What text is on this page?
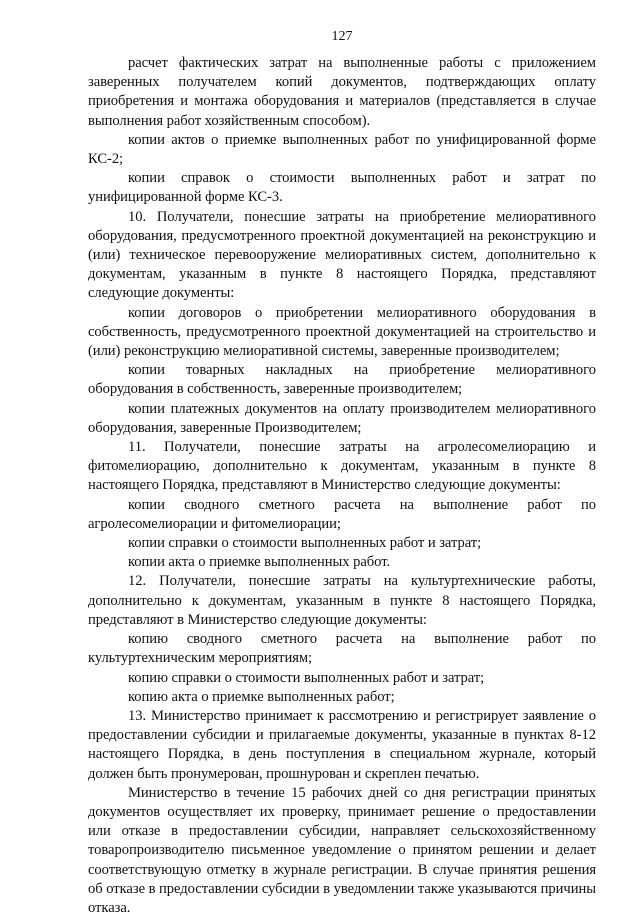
127

расчет фактических затрат на выполненные работы с приложением заверенных получателем копий документов, подтверждающих оплату приобретения и монтажа оборудования и материалов (представляется в случае выполнения работ хозяйственным способом).

копии актов о приемке выполненных работ по унифицированной форме КС-2;

копии справок о стоимости выполненных работ и затрат по унифицированной форме КС-3.

10. Получатели, понесшие затраты на приобретение мелиоративного оборудования, предусмотренного проектной документацией на реконструкцию и (или) техническое перевооружение мелиоративных систем, дополнительно к документам, указанным в пункте 8 настоящего Порядка, представляют следующие документы:

копии договоров о приобретении мелиоративного оборудования в собственность, предусмотренного проектной документацией на строительство и (или) реконструкцию мелиоративной системы, заверенные производителем;

копии товарных накладных на приобретение мелиоративного оборудования в собственность, заверенные производителем;

копии платежных документов на оплату производителем мелиоративного оборудования, заверенные Производителем;

11. Получатели, понесшие затраты на агролесомелиорацию и фитомелиорацию, дополнительно к документам, указанным в пункте 8 настоящего Порядка, представляют в Министерство следующие документы:

копии сводного сметного расчета на выполнение работ по агролесомелиорации и фитомелиорации;

копии справки о стоимости выполненных работ и затрат;

копии акта о приемке выполненных работ.

12. Получатели, понесшие затраты на культуртехнические работы, дополнительно к документам, указанным в пункте 8 настоящего Порядка, представляют в Министерство следующие документы:

копию сводного сметного расчета на выполнение работ по культуртехническим мероприятиям;

копию справки о стоимости выполненных работ и затрат;

копию акта о приемке выполненных работ;

13. Министерство принимает к рассмотрению и регистрирует заявление о предоставлении субсидии и прилагаемые документы, указанные в пунктах 8-12 настоящего Порядка, в день поступления в специальном журнале, который должен быть пронумерован, прошнурован и скреплен печатью.

Министерство в течение 15 рабочих дней со дня регистрации принятых документов осуществляет их проверку, принимает решение о предоставлении или отказе в предоставлении субсидии, направляет сельскохозяйственному товаропроизводителю письменное уведомление о принятом решении и делает соответствующую отметку в журнале регистрации. В случае принятия решения об отказе в предоставлении субсидии в уведомлении также указываются причины отказа.
